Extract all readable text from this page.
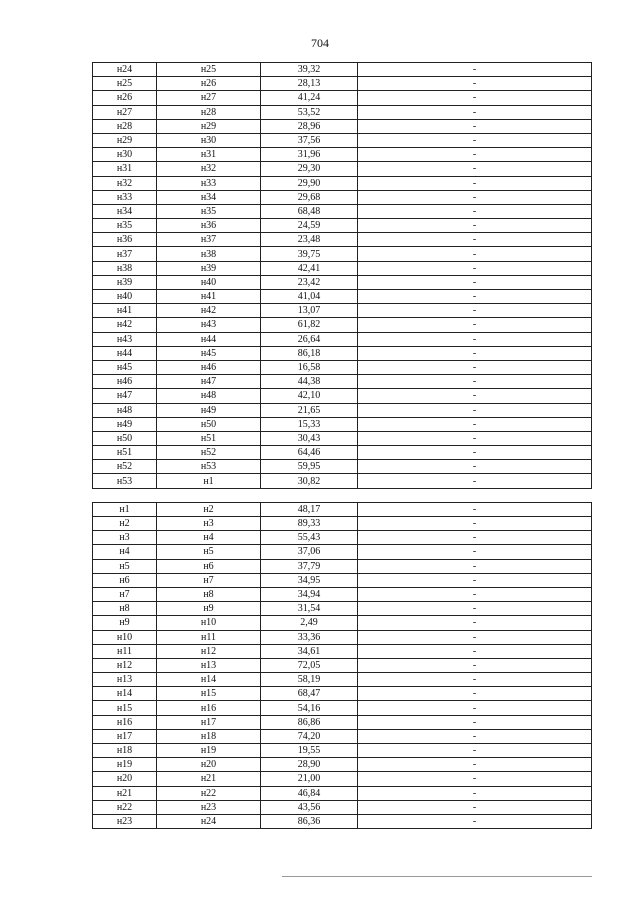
704
н24	н25	39,32	-
н25	н26	28,13	-
н26	н27	41,24	-
н27	н28	53,52	-
н28	н29	28,96	-
н29	н30	37,56	-
н30	н31	31,96	-
н31	н32	29,30	-
н32	н33	29,90	-
н33	н34	29,68	-
н34	н35	68,48	-
н35	н36	24,59	-
н36	н37	23,48	-
н37	н38	39,75	-
н38	н39	42,41	-
н39	н40	23,42	-
н40	н41	41,04	-
н41	н42	13,07	-
н42	н43	61,82	-
н43	н44	26,64	-
н44	н45	86,18	-
н45	н46	16,58	-
н46	н47	44,38	-
н47	н48	42,10	-
н48	н49	21,65	-
н49	н50	15,33	-
н50	н51	30,43	-
н51	н52	64,46	-
н52	н53	59,95	-
н53	н1	30,82	-

н1	н2	48,17	-
н2	н3	89,33	-
н3	н4	55,43	-
н4	н5	37,06	-
н5	н6	37,79	-
н6	н7	34,95	-
н7	н8	34,94	-
н8	н9	31,54	-
н9	н10	2,49	-
н10	н11	33,36	-
н11	н12	34,61	-
н12	н13	72,05	-
н13	н14	58,19	-
н14	н15	68,47	-
н15	н16	54,16	-
н16	н17	86,86	-
н17	н18	74,20	-
н18	н19	19,55	-
н19	н20	28,90	-
н20	н21	21,00	-
н21	н22	46,84	-
н22	н23	43,56	-
н23	н24	86,36	-
